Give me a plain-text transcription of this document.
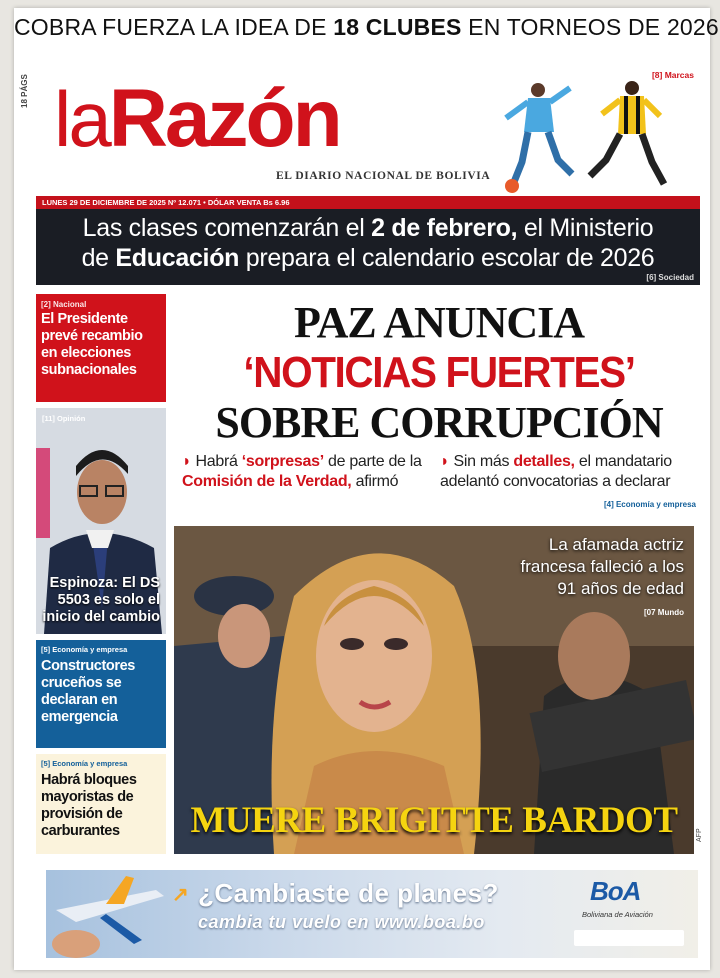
COBRA FUERZA LA IDEA DE 18 CLUBES EN TORNEOS DE 2026
18 PÁGS laRazón
EL DIARIO NACIONAL DE BOLIVIA
[8] Marcas
LUNES 29 DE DICIEMBRE DE 2025 Nº 12.071 • DÓLAR VENTA Bs 6.96
Las clases comenzarán el 2 de febrero, el Ministerio
de Educación prepara el calendario escolar de 2026
[6] Sociedad
[2] Nacional
El Presidente prevé recambio en elecciones subnacionales
[11] Opinión
Espinoza: El DS 5503 es solo el inicio del cambio
[5] Economía y empresa
Constructores cruceños se declaran en emergencia
[5] Economía y empresa
Habrá bloques mayoristas de provisión de carburantes
PAZ ANUNCIA
‘NOTICIAS FUERTES’
SOBRE CORRUPCIÓN
◗ Habrá ‘sorpresas’ de parte de la Comisión de la Verdad, afirmó
◗ Sin más detalles, el mandatario adelantó convocatorias a declarar
[4] Economía y empresa
La afamada actriz francesa falleció a los 91 años de edad
[07 Mundo
MUERE BRIGITTE BARDOT	AFP
↗ ¿Cambiaste de planes?
cambia tu vuelo en www.boa.bo
BoA
Boliviana de Aviación
